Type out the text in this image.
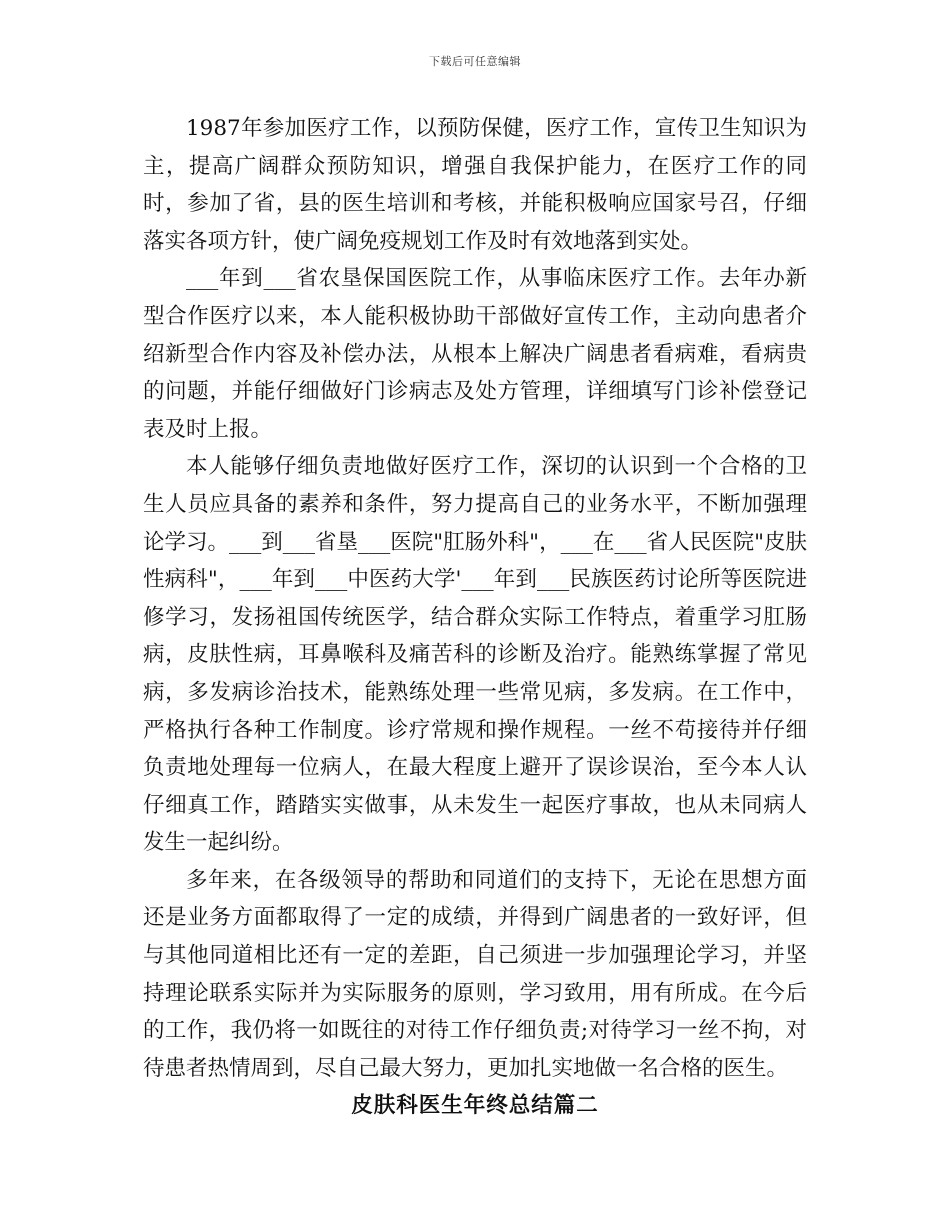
下载后可任意编辑

1987年参加医疗工作，以预防保健，医疗工作，宣传卫生知识为主，提高广阔群众预防知识，增强自我保护能力，在医疗工作的同时，参加了省，县的医生培训和考核，并能积极响应国家号召，仔细落实各项方针，使广阔免疫规划工作及时有效地落到实处。

___年到___省农垦保国医院工作，从事临床医疗工作。去年办新型合作医疗以来，本人能积极协助干部做好宣传工作，主动向患者介绍新型合作内容及补偿办法，从根本上解决广阔患者看病难，看病贵的问题，并能仔细做好门诊病志及处方管理，详细填写门诊补偿登记表及时上报。

本人能够仔细负责地做好医疗工作，深切的认识到一个合格的卫生人员应具备的素养和条件，努力提高自己的业务水平，不断加强理论学习。___到___省垦___医院"肛肠外科"，___在___省人民医院"皮肤性病科"，___年到___中医药大学'___年到___民族医药讨论所等医院进修学习，发扬祖国传统医学，结合群众实际工作特点，着重学习肛肠病，皮肤性病，耳鼻喉科及痛苦科的诊断及治疗。能熟练掌握了常见病，多发病诊治技术，能熟练处理一些常见病，多发病。在工作中，严格执行各种工作制度。诊疗常规和操作规程。一丝不苟接待并仔细负责地处理每一位病人，在最大程度上避开了误诊误治，至今本人认仔细真工作，踏踏实实做事，从未发生一起医疗事故，也从未同病人发生一起纠纷。

多年来，在各级领导的帮助和同道们的支持下，无论在思想方面还是业务方面都取得了一定的成绩，并得到广阔患者的一致好评，但与其他同道相比还有一定的差距，自己须进一步加强理论学习，并坚持理论联系实际并为实际服务的原则，学习致用，用有所成。在今后的工作，我仍将一如既往的对待工作仔细负责;对待学习一丝不拘，对待患者热情周到，尽自己最大努力，更加扎实地做一名合格的医生。

皮肤科医生年终总结篇二
